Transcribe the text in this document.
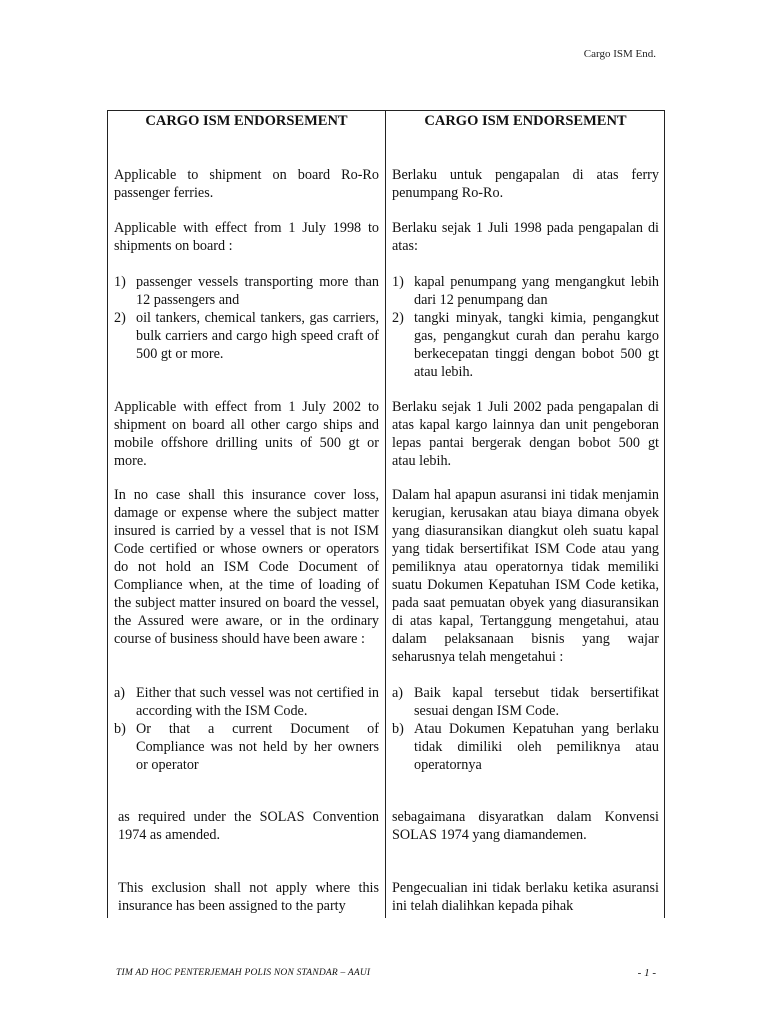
Cargo ISM End.
CARGO ISM ENDORSEMENT

Applicable to shipment on board Ro-Ro passenger ferries.

Applicable with effect from 1 July 1998 to shipments on board :

1) passenger vessels transporting more than 12 passengers and
2) oil tankers, chemical tankers, gas carriers, bulk carriers and cargo high speed craft of 500 gt or more.

Applicable with effect from 1 July 2002 to shipment on board all other cargo ships and mobile offshore drilling units of 500 gt or more.

In no case shall this insurance cover loss, damage or expense where the subject matter insured is carried by a vessel that is not ISM Code certified or whose owners or operators do not hold an ISM Code Document of Compliance when, at the time of loading of the subject matter insured on board the vessel, the Assured were aware, or in the ordinary course of business should have been aware :

a) Either that such vessel was not certified in according with the ISM Code.
b) Or that a current Document of Compliance was not held by her owners or operator

as required under the SOLAS Convention 1974 as amended.

This exclusion shall not apply where this insurance has been assigned to the party

CARGO ISM ENDORSEMENT

Berlaku untuk pengapalan di atas ferry penumpang Ro-Ro.

Berlaku sejak 1 Juli 1998 pada pengapalan di atas:

1) kapal penumpang yang mengangkut lebih dari 12 penumpang dan
2) tangki minyak, tangki kimia, pengangkut gas, pengangkut curah dan perahu kargo berkecepatan tinggi dengan bobot 500 gt atau lebih.

Berlaku sejak 1 Juli 2002 pada pengapalan di atas kapal kargo lainnya dan unit pengeboran lepas pantai bergerak dengan bobot 500 gt atau lebih.

Dalam hal apapun asuransi ini tidak menjamin kerugian, kerusakan atau biaya dimana obyek yang diasuransikan diangkut oleh suatu kapal yang tidak bersertifikat ISM Code atau yang pemiliknya atau operatornya tidak memiliki suatu Dokumen Kepatuhan ISM Code ketika, pada saat pemuatan obyek yang diasuransikan di atas kapal, Tertanggung mengetahui, atau dalam pelaksanaan bisnis yang wajar seharusnya telah mengetahui :

a) Baik kapal tersebut tidak bersertifikat sesuai dengan ISM Code.
b) Atau Dokumen Kepatuhan yang berlaku tidak dimiliki oleh pemiliknya atau operatornya

sebagaimana disyaratkan dalam Konvensi SOLAS 1974 yang diamandemen.

Pengecualian ini tidak berlaku ketika asuransi ini telah dialihkan kepada pihak

TIM AD HOC PENTERJEMAH POLIS NON STANDAR – AAUI	- 1 -
